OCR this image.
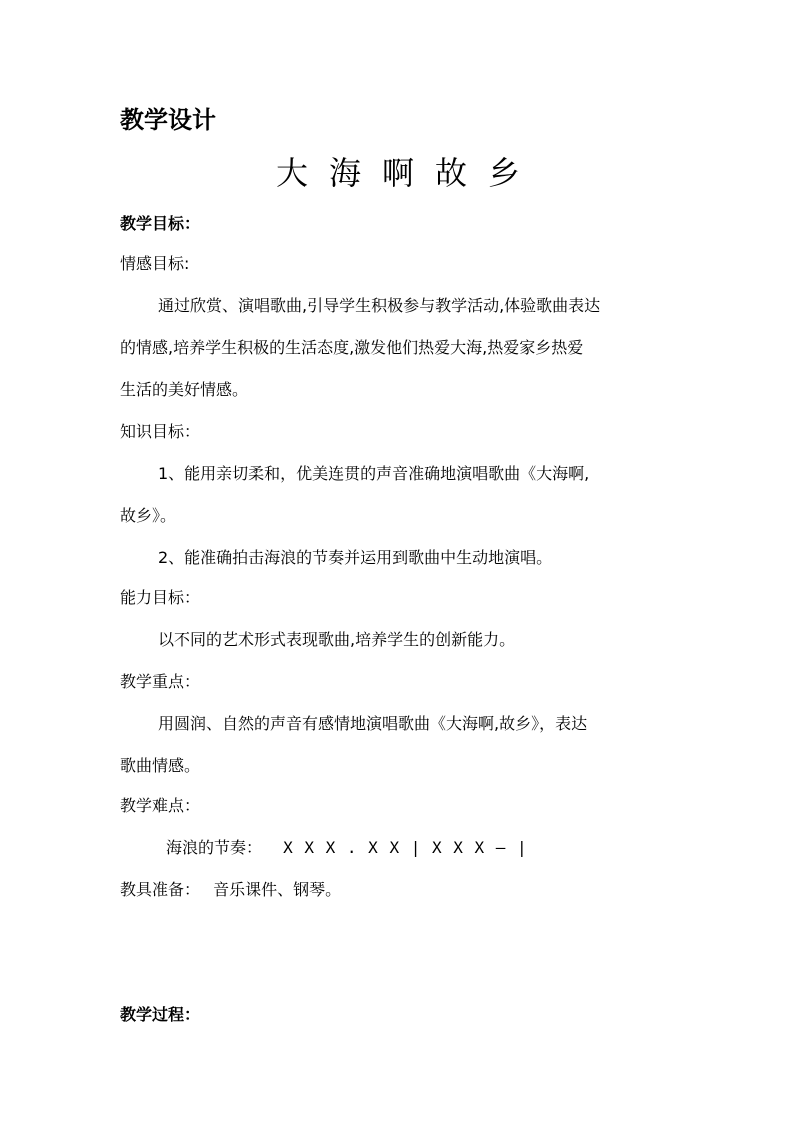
教学设计

大海啊故乡

教学目标：

情感目标:

通过欣赏、演唱歌曲,引导学生积极参与教学活动,体验歌曲表达

的情感,培养学生积极的生活态度,激发他们热爱大海,热爱家乡热爱

生活的美好情感。

知识目标：

1、能用亲切柔和，优美连贯的声音准确地演唱歌曲《大海啊,

故乡》。

2、能准确拍击海浪的节奏并运用到歌曲中生动地演唱。

能力目标：

以不同的艺术形式表现歌曲,培养学生的创新能力。

教学重点：

用圆润、自然的声音有感情地演唱歌曲《大海啊,故乡》，表达

歌曲情感。

教学难点：

海浪的节奏： X X X . X X | X X X — |

教具准备： 音乐课件、钢琴。

教学过程：
